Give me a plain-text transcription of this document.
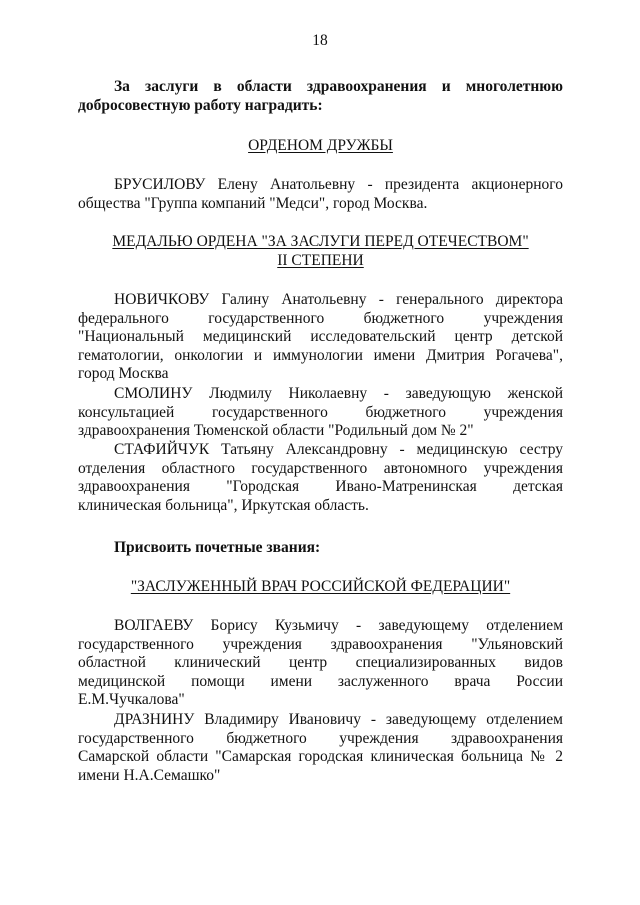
18

За заслуги в области здравоохранения и многолетнюю

добросовестную работу наградить:

ОРДЕНОМ ДРУЖБЫ

БРУСИЛОВУ Елену Анатольевну - президента акционерного

общества "Группа компаний "Медси", город Москва.

МЕДАЛЬЮ ОРДЕНА "ЗА ЗАСЛУГИ ПЕРЕД ОТЕЧЕСТВОМ"

II СТЕПЕНИ

НОВИЧКОВУ Галину Анатольевну - генерального директора

федерального государственного бюджетного учреждения

"Национальный медицинский исследовательский центр детской

гематологии, онкологии и иммунологии имени Дмитрия Рогачева",

город Москва

СМОЛИНУ Людмилу Николаевну - заведующую женской

консультацией государственного бюджетного учреждения

здравоохранения Тюменской области "Родильный дом № 2"

СТАФИЙЧУК Татьяну Александровну - медицинскую сестру

отделения областного государственного автономного учреждения

здравоохранения "Городская Ивано-Матренинская детская

клиническая больница", Иркутская область.

Присвоить почетные звания:

"ЗАСЛУЖЕННЫЙ ВРАЧ РОССИЙСКОЙ ФЕДЕРАЦИИ"

ВОЛГАЕВУ Борису Кузьмичу - заведующему отделением

государственного учреждения здравоохранения "Ульяновский

областной клинический центр специализированных видов

медицинской помощи имени заслуженного врача России

Е.М.Чучкалова"

ДРАЗНИНУ Владимиру Ивановичу - заведующему отделением

государственного бюджетного учреждения здравоохранения

Самарской области "Самарская городская клиническая больница № 2

имени Н.А.Семашко"
